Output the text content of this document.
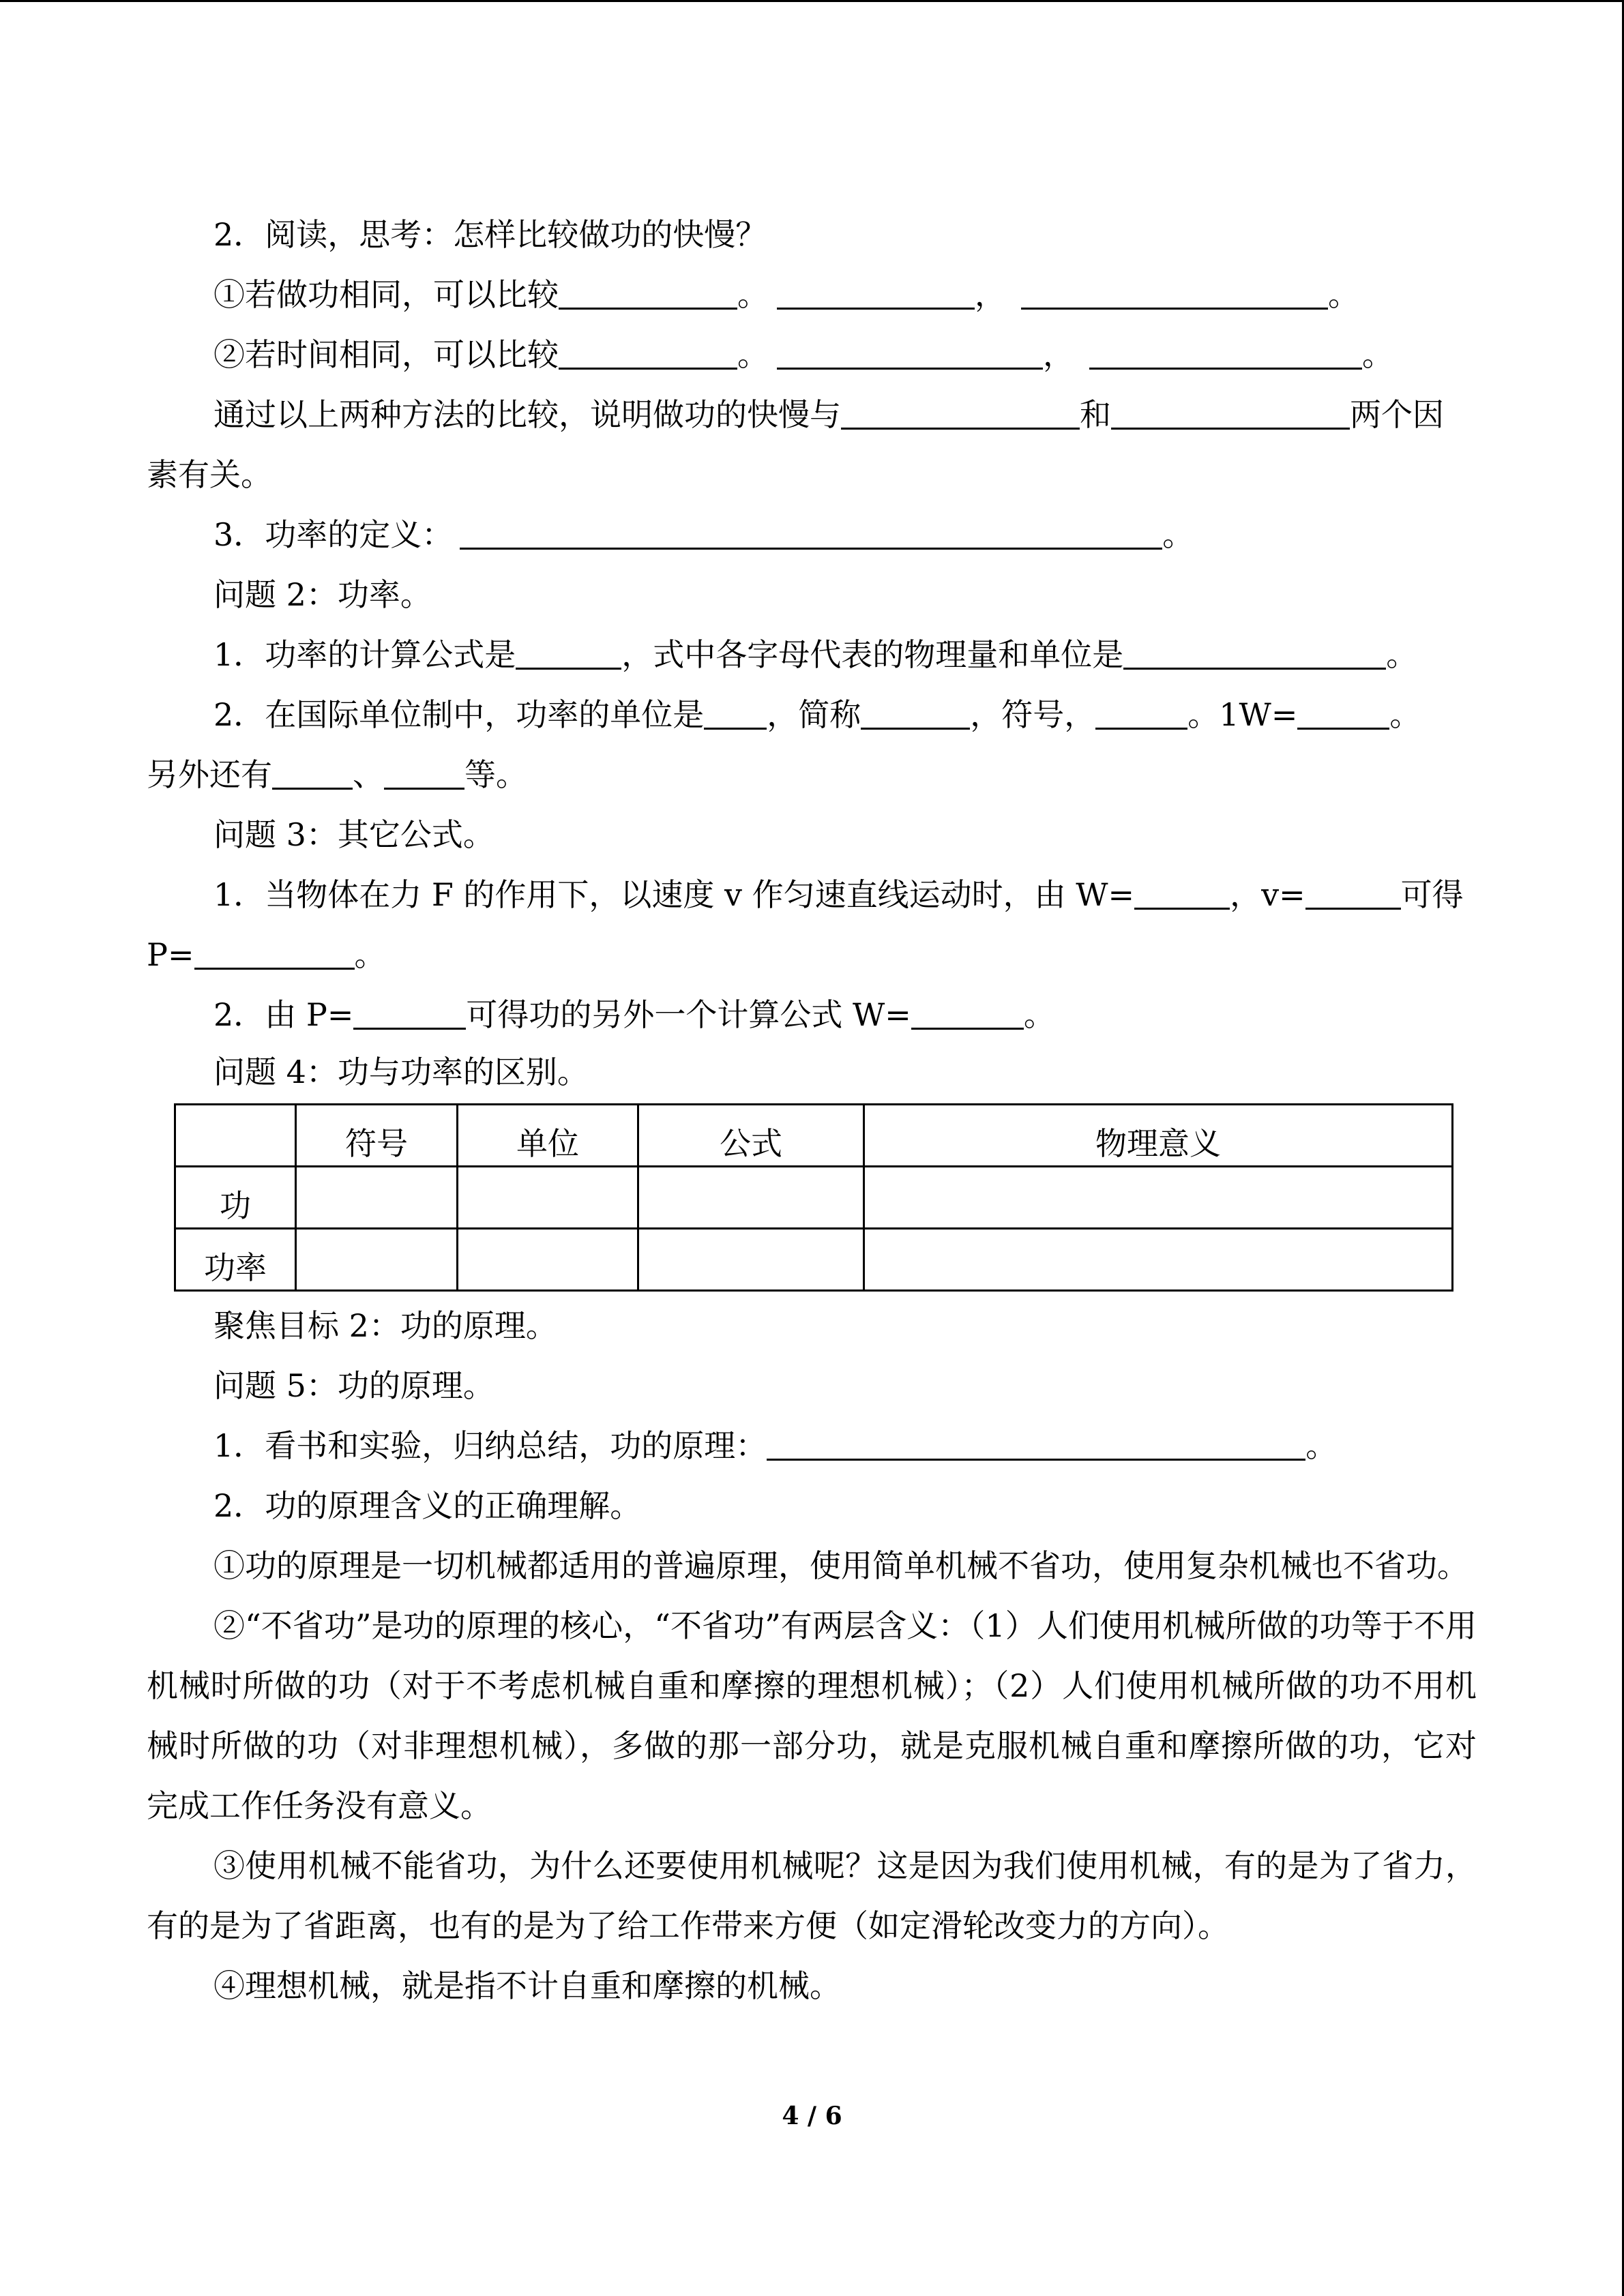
2．阅读，思考：怎样比较做功的快慢？

①若做功相同，可以比较	。	，	。

②若时间相同，可以比较	。	，	。

通过以上两种方法的比较，说明做功的快慢与	和	两个因

素有关。

3．功率的定义：	。

问题 2：功率。

1．功率的计算公式是	，式中各字母代表的物理量和单位是	。

2．在国际单位制中，功率的单位是 ，简称	，符号，	。1W=	。

另外还有	、	等。

问题 3：其它公式。

1．当物体在力 F 的作用下，以速度 v 作匀速直线运动时，由 W=	，v=	可得

P=	。

2．由 P=	可得功的另外一个计算公式 W=	。

问题 4：功与功率的区别。

	符号	单位	公式	物理意义
功				
功率				

聚焦目标 2：功的原理。

问题 5：功的原理。

1．看书和实验，归纳总结，功的原理：	。

2．功的原理含义的正确理解。

①功的原理是一切机械都适用的普遍原理，使用简单机械不省功，使用复杂机械也不省功。

②“不省功”是功的原理的核心，“不省功”有两层含义：（1）人们使用机械所做的功等于不用机械时所做的功（对于不考虑机械自重和摩擦的理想机械）；（2）人们使用机械所做的功不用机械时所做的功（对非理想机械），多做的那一部分功，就是克服机械自重和摩擦所做的功，它对完成工作任务没有意义。

③使用机械不能省功，为什么还要使用机械呢？这是因为我们使用机械，有的是为了省力，有的是为了省距离，也有的是为了给工作带来方便（如定滑轮改变力的方向）。

④理想机械，就是指不计自重和摩擦的机械。

4 / 6
